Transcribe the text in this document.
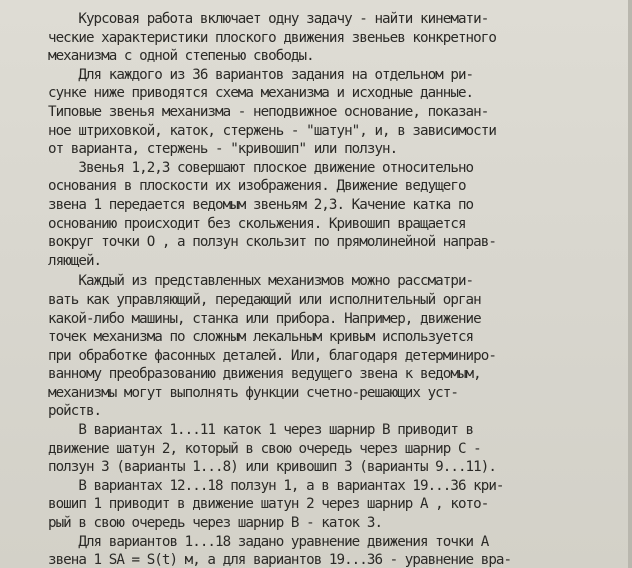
Курсовая работа включает одну задачу - найти кинемати-
ческие характеристики плоского движения звеньев конкретного
механизма с одной степенью свободы.
Для каждого из 36 вариантов задания на отдельном ри-
сунке ниже приводятся схема механизма и исходные данные.
Типовые звенья механизма - неподвижное основание, показан-
ное штриховкой, каток, стержень - "шатун", и, в зависимости
от варианта, стержень - "кривошип" или ползун.
Звенья 1,2,3 совершают плоское движение относительно
основания в плоскости их изображения. Движение ведущего
звена 1 передается ведомым звеньям 2,3. Качение катка по
основанию происходит без скольжения. Кривошип вращается
вокруг точки O , а ползун скользит по прямолинейной направ-
ляющей.
Каждый из представленных механизмов можно рассматри-
вать как управляющий, передающий или исполнительный орган
какой-либо машины, станка или прибора. Например, движение
точек механизма по сложным лекальным кривым используется
при обработке фасонных деталей. Или, благодаря детерминиро-
ванному преобразованию движения ведущего звена к ведомым,
механизмы могут выполнять функции счетно-решающих уст-
ройств.
В вариантах 1...11 каток 1 через шарнир B приводит в
движение шатун 2, который в свою очередь через шарнир C -
ползун 3 (варианты 1...8) или кривошип 3 (варианты 9...11).
В вариантах 12...18 ползун 1, а в вариантах 19...36 кри-
вошип 1 приводит в движение шатун 2 через шарнир A , кото-
рый в свою очередь через шарнир B - каток 3.
Для вариантов 1...18 задано уравнение движения точки A
звена 1 SA = S(t) м, а для вариантов 19...36 - уравнение вра-
